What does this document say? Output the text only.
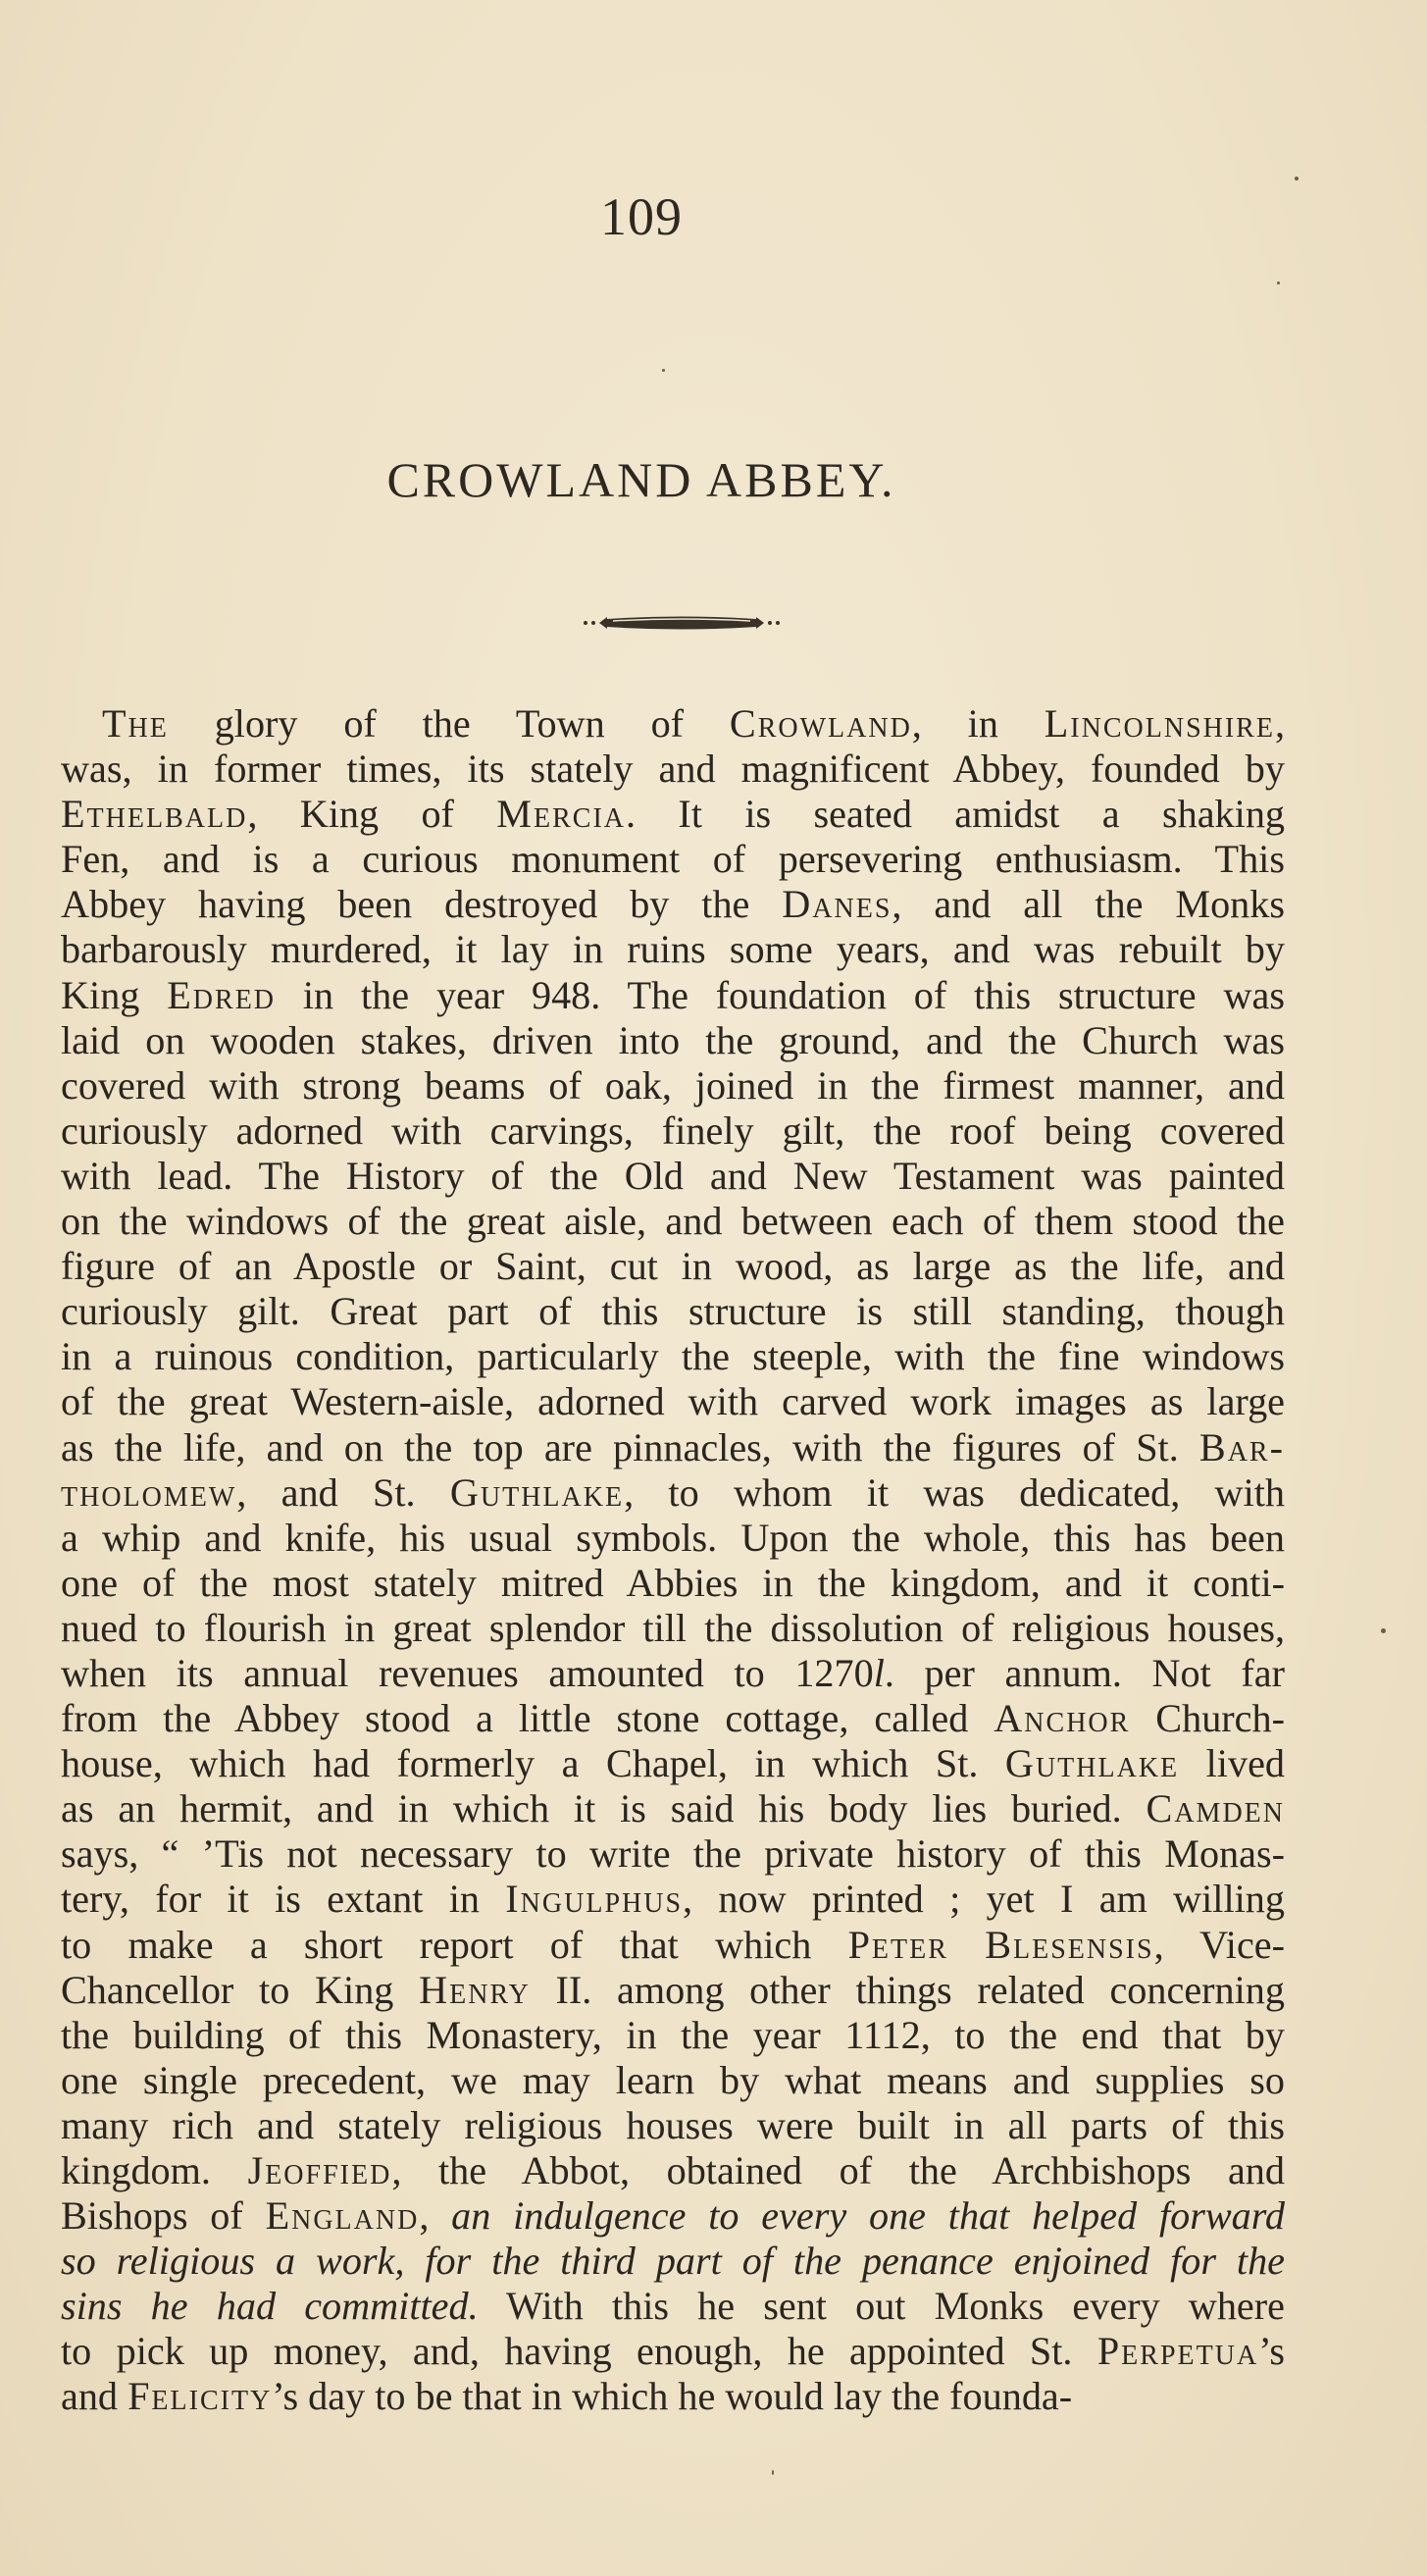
109
CROWLAND ABBEY.
The glory of the Town of Crowland, in Lincolnshire,
was, in former times, its stately and magnificent Abbey, founded by
Ethelbald, King of Mercia. It is seated amidst a shaking
Fen, and is a curious monument of persevering enthusiasm. This
Abbey having been destroyed by the Danes, and all the Monks
barbarously murdered, it lay in ruins some years, and was rebuilt by
King Edred in the year 948. The foundation of this structure was
laid on wooden stakes, driven into the ground, and the Church was
covered with strong beams of oak, joined in the firmest manner, and
curiously adorned with carvings, finely gilt, the roof being covered
with lead. The History of the Old and New Testament was painted
on the windows of the great aisle, and between each of them stood the
figure of an Apostle or Saint, cut in wood, as large as the life, and
curiously gilt. Great part of this structure is still standing, though
in a ruinous condition, particularly the steeple, with the fine windows
of the great Western-aisle, adorned with carved work images as large
as the life, and on the top are pinnacles, with the figures of St. Bar-
tholomew, and St. Guthlake, to whom it was dedicated, with
a whip and knife, his usual symbols. Upon the whole, this has been
one of the most stately mitred Abbies in the kingdom, and it conti-
nued to flourish in great splendor till the dissolution of religious houses,
when its annual revenues amounted to 1270l. per annum. Not far
from the Abbey stood a little stone cottage, called Anchor Church-
house, which had formerly a Chapel, in which St. Guthlake lived
as an hermit, and in which it is said his body lies buried. Camden
says, “ ’Tis not necessary to write the private history of this Monas-
tery, for it is extant in Ingulphus, now printed ; yet I am willing
to make a short report of that which Peter Blesensis, Vice-
Chancellor to King Henry II. among other things related concerning
the building of this Monastery, in the year 1112, to the end that by
one single precedent, we may learn by what means and supplies so
many rich and stately religious houses were built in all parts of this
kingdom. Jeoffied, the Abbot, obtained of the Archbishops and
Bishops of England, an indulgence to every one that helped forward
so religious a work, for the third part of the penance enjoined for the
sins he had committed. With this he sent out Monks every where
to pick up money, and, having enough, he appointed St. Perpetua’s
and Felicity’s day to be that in which he would lay the founda-
